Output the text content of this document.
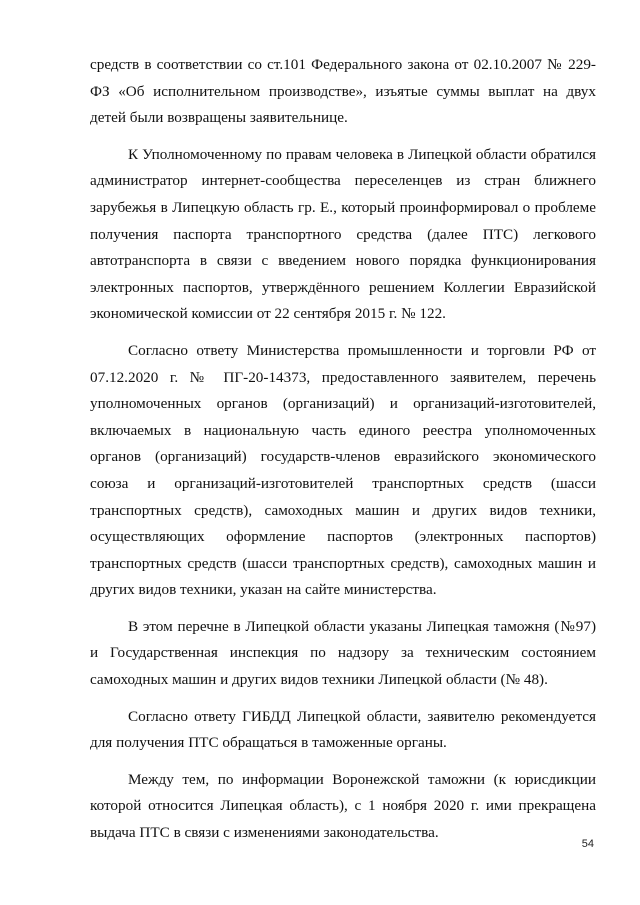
средств в соответствии со ст.101 Федерального закона от 02.10.2007 № 229-ФЗ «Об исполнительном производстве», изъятые суммы выплат на двух детей были возвращены заявительнице.

К Уполномоченному по правам человека в Липецкой области обратился администратор интернет-сообщества переселенцев из стран ближнего зарубежья в Липецкую область гр. Е., который проинформировал о проблеме получения паспорта транспортного средства (далее ПТС) легкового автотранспорта в связи с введением нового порядка функционирования электронных паспортов, утверждённого решением Коллегии Евразийской экономической комиссии от 22 сентября 2015 г. № 122.

Согласно ответу Министерства промышленности и торговли РФ от 07.12.2020 г. № ПГ-20-14373, предоставленного заявителем, перечень уполномоченных органов (организаций) и организаций-изготовителей, включаемых в национальную часть единого реестра уполномоченных органов (организаций) государств-членов евразийского экономического союза и организаций-изготовителей транспортных средств (шасси транспортных средств), самоходных машин и других видов техники, осуществляющих оформление паспортов (электронных паспортов) транспортных средств (шасси транспортных средств), самоходных машин и других видов техники, указан на сайте министерства.

В этом перечне в Липецкой области указаны Липецкая таможня (№97) и Государственная инспекция по надзору за техническим состоянием самоходных машин и других видов техники Липецкой области (№ 48).

Согласно ответу ГИБДД Липецкой области, заявителю рекомендуется для получения ПТС обращаться в таможенные органы.

Между тем, по информации Воронежской таможни (к юрисдикции которой относится Липецкая область), с 1 ноября 2020 г. ими прекращена выдача ПТС в связи с изменениями законодательства.

54
